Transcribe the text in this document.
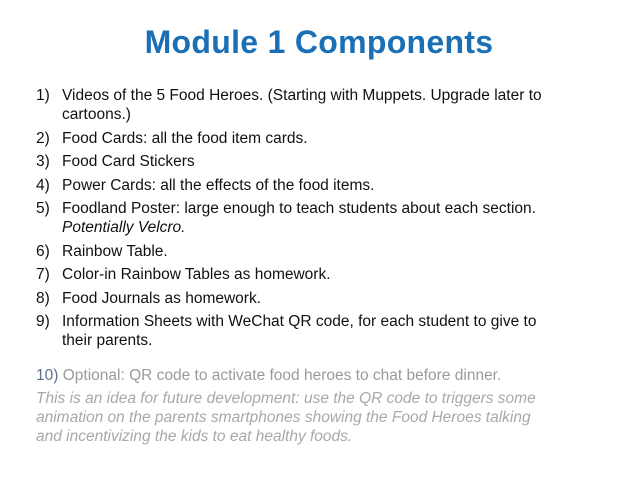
Module 1 Components
1) Videos of the 5 Food Heroes. (Starting with Muppets. Upgrade later to
cartoons.)
2) Food Cards: all the food item cards.
3) Food Card Stickers
4) Power Cards: all the effects of the food items.
5) Foodland Poster: large enough to teach students about each section.
Potentially Velcro.
6) Rainbow Table.
7) Color-in Rainbow Tables as homework.
8) Food Journals as homework.
9) Information Sheets with WeChat QR code, for each student to give to
their parents.
10) Optional: QR code to activate food heroes to chat before dinner.
This is an idea for future development: use the QR code to triggers some
animation on the parents smartphones showing the Food Heroes talking
and incentivizing the kids to eat healthy foods.
